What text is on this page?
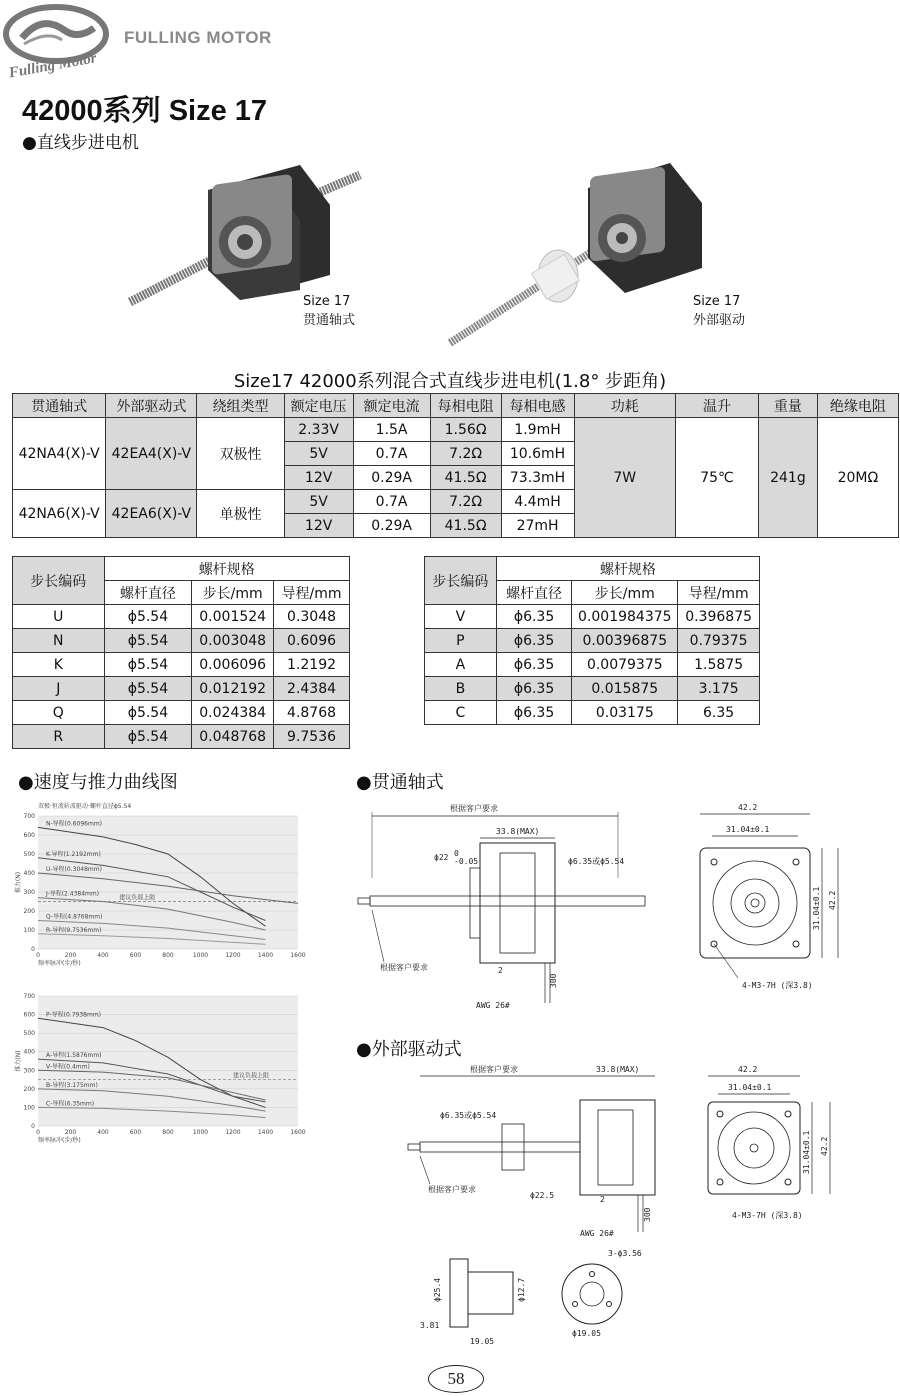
Fulling Motor
FULLING MOTOR
42000系列 Size 17
●直线步进电机
Size 17
贯通轴式
Size 17
外部驱动
Size17 42000系列混合式直线步进电机(1.8° 步距角)
贯通轴式	外部驱动式	绕组类型	额定电压	额定电流	每相电阻	每相电感	功耗	温升	重量	绝缘电阻
42NA4(X)-V	42EA4(X)-V	双极性	2.33V	1.5A	1.56Ω	1.9mH	7W	75℃	241g	20MΩ
			5V	0.7A	7.2Ω	10.6mH				
			12V	0.29A	41.5Ω	73.3mH				
42NA6(X)-V	42EA6(X)-V	单极性	5V	0.7A	7.2Ω	4.4mH				
			12V	0.29A	41.5Ω	27mH				
步长编码	螺杆规格		
	螺杆直径	步长/mm	导程/mm
U	ϕ5.54	0.001524	0.3048
N	ϕ5.54	0.003048	0.6096
K	ϕ5.54	0.006096	1.2192
J	ϕ5.54	0.012192	2.4384
Q	ϕ5.54	0.024384	4.8768
R	ϕ5.54	0.048768	9.7536
步长编码	螺杆规格		
	螺杆直径	步长/mm	导程/mm
V	ϕ6.35	0.001984375	0.396875
P	ϕ6.35	0.00396875	0.79375
A	ϕ6.35	0.0079375	1.5875
B	ϕ6.35	0.015875	3.175
C	ϕ6.35	0.03175	6.35
●速度与推力曲线图	●贯通轴式
●外部驱动式
双极·恒流斩波驱动·螺杆直径ϕ5.54
0
100
200
300
400
500
600
700
0	200	400	600	800	1000	1200	1400	1600
频率脉冲(步/秒)
推力(N)
建议负载上限
N-导程(0.6096mm)
K-导程(1.2192mm)
U-导程(0.3048mm)
J-导程(2.4384mm)
Q-导程(4.8768mm)
R-导程(9.7536mm)
0
100
200
300
400
500
600
700
0	200	400	600	800	1000	1200	1400	1600
频率脉冲(步/秒)
推力(N)
建议负载上限
P-导程(0.7938mm)
A-导程(1.5876mm)
V-导程(0.4mm)
B-导程(3.175mm)
C-导程(6.35mm)
根据客户要求
33.8(MAX)
ϕ22 0
-0.05	ϕ6.35或ϕ5.54
根据客户要求	2
300
AWG 26#
42.2
31.04±0.1
31.04±0.1 42.2
4-M3-7H (深3.8)
根据客户要求	33.8(MAX)
ϕ6.35或ϕ5.54
根据客户要求
ϕ22.5	2
300
AWG 26#
42.2
31.04±0.1
31.04±0.1 42.2
4-M3-7H (深3.8)
ϕ25.4	ϕ12.7
3.81
19.05
3-ϕ3.56
ϕ19.05
58
